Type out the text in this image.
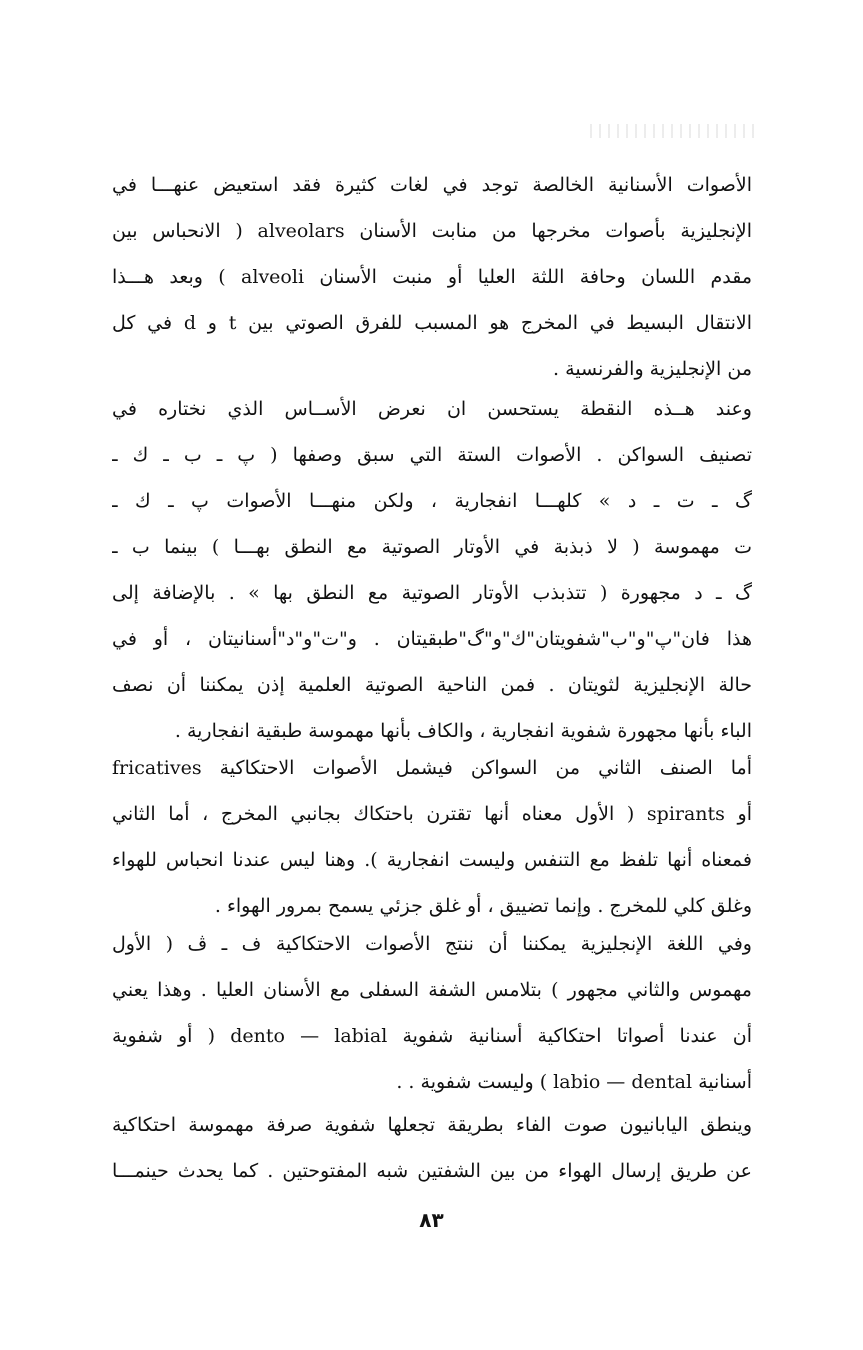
الأصوات الأسنانية الخالصة توجد في لغات كثيرة فقد استعيض عنهـــا في
الإنجليزية بأصوات مخرجها من منابت الأسنان alveolars ( الانحباس بين
مقدم اللسان وحافة اللثة العليا أو منبت الأسنان alveoli ) وبعد هـــذا
الانتقال البسيط في المخرج هو المسبب للفرق الصوتي بين t و d في كل
من الإنجليزية والفرنسية .
وعند هــذه النقطة يستحسن ان نعرض الأســاس الذي نختاره في
تصنيف السواكن . الأصوات الستة التي سبق وصفها ( پ ـ ب ـ ك ـ
گ ـ ت ـ د » كلهـــا انفجارية ، ولكن منهـــا الأصوات پ ـ ك ـ
ت مهموسة ( لا ذبذبة في الأوتار الصوتية مع النطق بهـــا ) بينما ب ـ
گ ـ د مجهورة ( تتذبذب الأوتار الصوتية مع النطق بها » . بالإضافة إلى
هذا فان"پ"و"ب"شفويتان"ك"و"گ"طبقيتان . و"ت"و"د"أسنانيتان ، أو في
حالة الإنجليزية لثويتان . فمن الناحية الصوتية العلمية إذن يمكننا أن نصف
الباء بأنها مجهورة شفوية انفجارية ، والكاف بأنها مهموسة طبقية انفجارية .
أما الصنف الثاني من السواكن فيشمل الأصوات الاحتكاكية fricatives
أو spirants ( الأول معناه أنها تقترن باحتكاك بجانبي المخرج ، أما الثاني
فمعناه أنها تلفظ مع التنفس وليست انفجارية ). وهنا ليس عندنا انحباس للهواء
وغلق كلي للمخرج . وإنما تضييق ، أو غلق جزئي يسمح بمرور الهواء .
وفي اللغة الإنجليزية يمكننا أن ننتج الأصوات الاحتكاكية ف ـ ڤ ( الأول
مهموس والثاني مجهور ) بتلامس الشفة السفلى مع الأسنان العليا . وهذا يعني
أن عندنا أصواتا احتكاكية أسنانية شفوية dento — labial ( أو شفوية
أسنانية labio — dental ) وليست شفوية . .
وينطق اليابانيون صوت الفاء بطريقة تجعلها شفوية صرفة مهموسة احتكاكية
عن طريق إرسال الهواء من بين الشفتين شبه المفتوحتين . كما يحدث حينمـــا
٨٣
